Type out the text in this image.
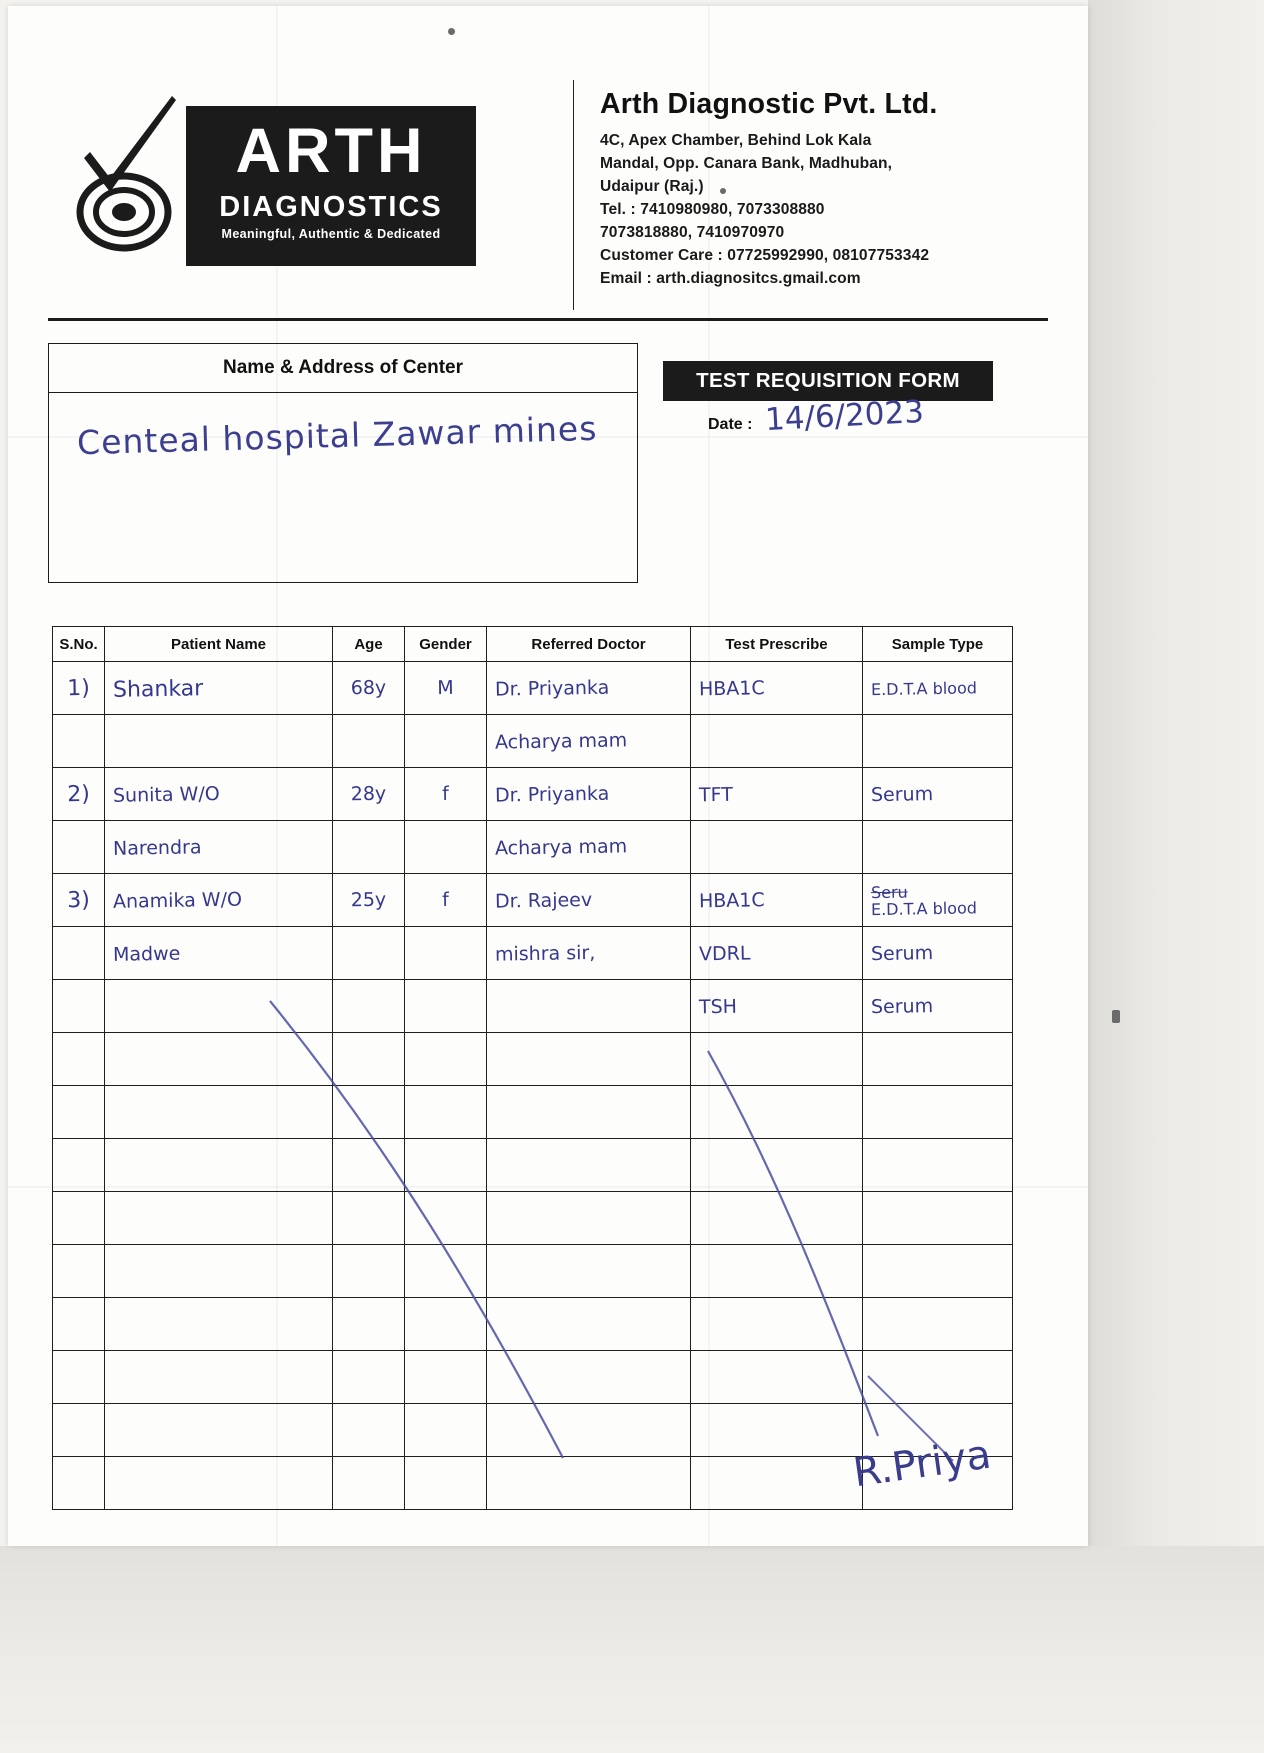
ARTH
DIAGNOSTICS
Meaningful, Authentic & Dedicated
Arth Diagnostic Pvt. Ltd.
4C, Apex Chamber, Behind Lok Kala
Mandal, Opp. Canara Bank, Madhuban,
Udaipur (Raj.)
Tel. : 7410980980, 7073308880
7073818880, 7410970970
Customer Care : 07725992990, 08107753342
Email : arth.diagnositcs.gmail.com
Name & Address of Center
Centeal hospital Zawar mines
TEST REQUISITION FORM
Date : 14/6/2023
S.No.	Patient Name	Age	Gender	Referred Doctor	Test Prescribe	Sample Type

1)	Shankar	68y	M	Dr. Priyanka	HBA1C	E.D.T.A blood

				Acharya mam		

2)	Sunita W/O	28y	f	Dr. Priyanka	TFT	Serum

	Narendra			Acharya mam		

3)	Anamika W/O	25y	f	Dr. Rajeev	HBA1C	Seru
E.D.T.A blood

	Madwe			mishra sir,	VDRL	Serum

					TSH	Serum

R.Priya
